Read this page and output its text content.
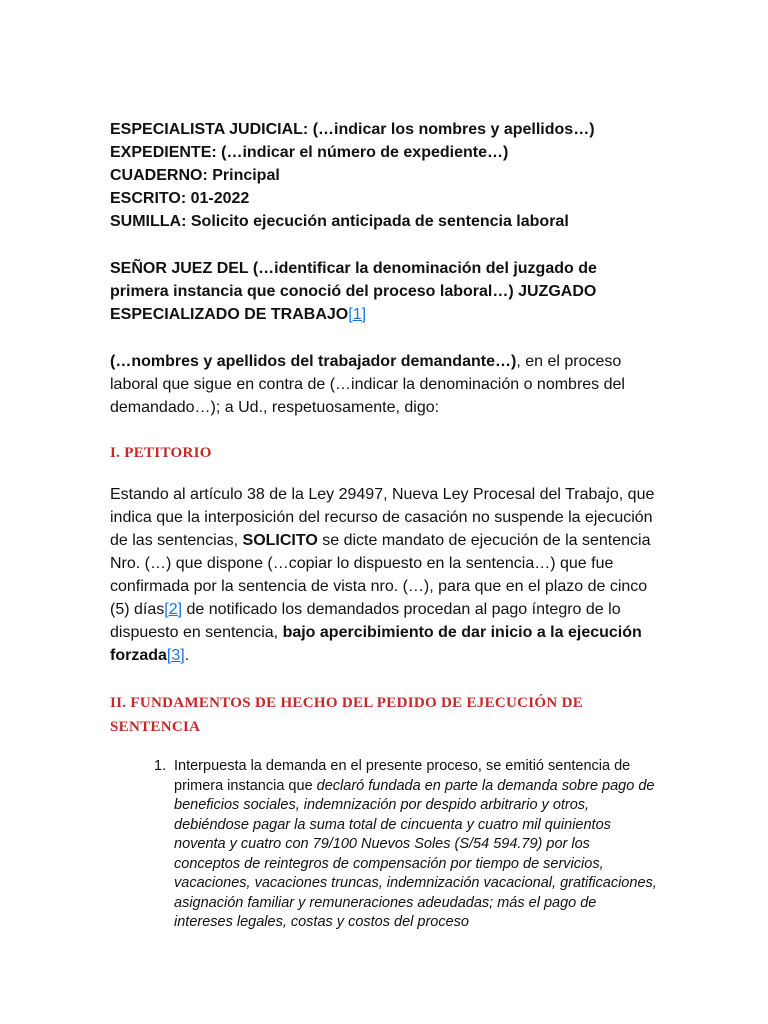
ESPECIALISTA JUDICIAL: (…indicar los nombres y apellidos…)

EXPEDIENTE: (…indicar el número de expediente…)

CUADERNO: Principal

ESCRITO: 01-2022

SUMILLA: Solicito ejecución anticipada de sentencia laboral

SEÑOR JUEZ DEL (…identificar la denominación del juzgado de primera instancia que conoció del proceso laboral…) JUZGADO ESPECIALIZADO DE TRABAJO[1]
(…nombres y apellidos del trabajador demandante…), en el proceso laboral que sigue en contra de (…indicar la denominación o nombres del demandado…); a Ud., respetuosamente, digo:
I. PETITORIO
Estando al artículo 38 de la Ley 29497, Nueva Ley Procesal del Trabajo, que indica que la interposición del recurso de casación no suspende la ejecución de las sentencias, SOLICITO se dicte mandato de ejecución de la sentencia Nro. (…) que dispone (…copiar lo dispuesto en la sentencia…) que fue confirmada por la sentencia de vista nro. (…), para que en el plazo de cinco (5) días[2] de notificado los demandados procedan al pago íntegro de lo dispuesto en sentencia, bajo apercibimiento de dar inicio a la ejecución forzada[3].
II. FUNDAMENTOS DE HECHO DEL PEDIDO DE EJECUCIÓN DE SENTENCIA
1. Interpuesta la demanda en el presente proceso, se emitió sentencia de primera instancia que declaró fundada en parte la demanda sobre pago de beneficios sociales, indemnización por despido arbitrario y otros, debiéndose pagar la suma total de cincuenta y cuatro mil quinientos noventa y cuatro con 79/100 Nuevos Soles (S/54 594.79) por los conceptos de reintegros de compensación por tiempo de servicios, vacaciones, vacaciones truncas, indemnización vacacional, gratificaciones, asignación familiar y remuneraciones adeudadas; más el pago de intereses legales, costas y costos del proceso
